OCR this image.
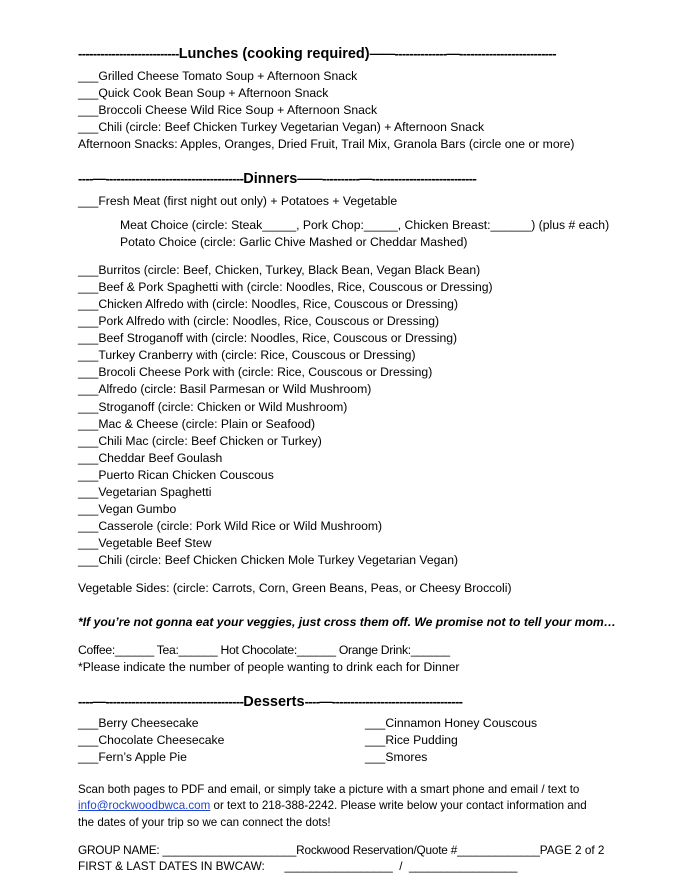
---------------------------Lunches (cooking required)——--------------—--------------------------

___Grilled Cheese Tomato Soup + Afternoon Snack

___Quick Cook Bean Soup + Afternoon Snack

___Broccoli Cheese Wild Rice Soup + Afternoon Snack

___Chili (circle: Beef Chicken Turkey Vegetarian Vegan) + Afternoon Snack

Afternoon Snacks: Apples, Oranges, Dried Fruit, Trail Mix, Granola Bars (circle one or more)

----—-------------------------------------Dinners——----------—----------------------------

___Fresh Meat (first night out only) + Potatoes + Vegetable

Meat Choice (circle: Steak_____, Pork Chop:_____, Chicken Breast:______) (plus # each)

Potato Choice (circle: Garlic Chive Mashed or Cheddar Mashed)

___Burritos (circle: Beef, Chicken, Turkey, Black Bean, Vegan Black Bean)

___Beef & Pork Spaghetti with (circle: Noodles, Rice, Couscous or Dressing)

___Chicken Alfredo with (circle: Noodles, Rice, Couscous or Dressing)

___Pork Alfredo with (circle: Noodles, Rice, Couscous or Dressing)

___Beef Stroganoff with (circle: Noodles, Rice, Couscous or Dressing)

___Turkey Cranberry with (circle: Rice, Couscous or Dressing)

___Brocoli Cheese Pork with (circle: Rice, Couscous or Dressing)

___Alfredo (circle: Basil Parmesan or Wild Mushroom)

___Stroganoff (circle: Chicken or Wild Mushroom)

___Mac & Cheese (circle: Plain or Seafood)

___Chili Mac (circle: Beef Chicken or Turkey)

___Cheddar Beef Goulash

___Puerto Rican Chicken Couscous

___Vegetarian Spaghetti

___Vegan Gumbo

___Casserole (circle: Pork Wild Rice or Wild Mushroom)

___Vegetable Beef Stew

___Chili (circle: Beef Chicken Chicken Mole Turkey Vegetarian Vegan)

Vegetable Sides: (circle: Carrots, Corn, Green Beans, Peas, or Cheesy Broccoli)

*If you’re not gonna eat your veggies, just cross them off. We promise not to tell your mom…

Coffee:______ Tea:______ Hot Chocolate:______ Orange Drink:______

*Please indicate the number of people wanting to drink each for Dinner

----—-------------------------------------Desserts----—-----------------------------------

___Berry Cheesecake

___Chocolate Cheesecake

___Fern’s Apple Pie

___Cinnamon Honey Couscous

___Rice Pudding

___Smores

Scan both pages to PDF and email, or simply take a picture with a smart phone and email / text to info@rockwoodbwca.com or text to 218-388-2242. Please write below your contact information and the dates of your trip so we can connect the dots!

GROUP NAME: _____________________Rockwood Reservation/Quote #_____________PAGE 2 of 2

FIRST & LAST DATES IN BWCAW: _________________ / _________________
